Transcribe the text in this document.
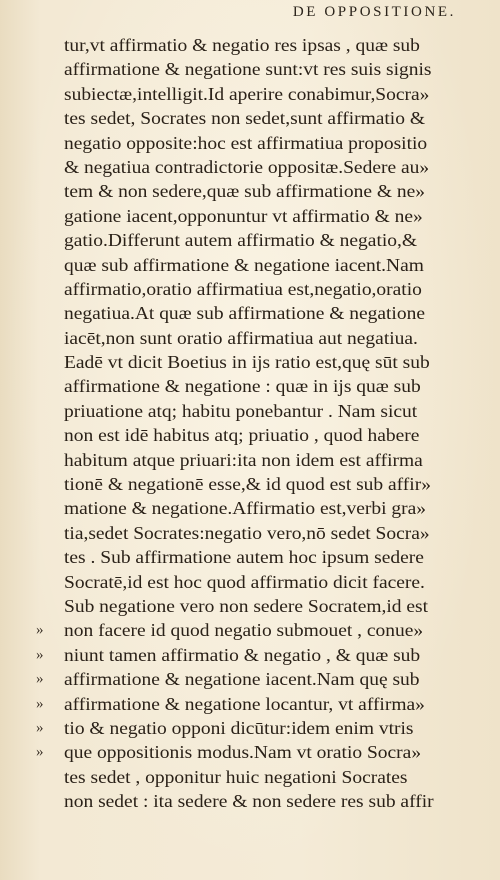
DE OPPOSITIONE.
tur,vt affirmatio & negatio res ipsas , quæ sub
affirmatione & negatione sunt:vt res suis signis
subiectæ,intelligit.Id aperire conabimur,Socra»
tes sedet, Socrates non sedet,sunt affirmatio &
negatio opposite:hoc est affirmatiua propositio
& negatiua contradictorie oppositæ.Sedere au»
tem & non sedere,quæ sub affirmatione & ne»
gatione iacent,opponuntur vt affirmatio & ne»
gatio.Differunt autem affirmatio & negatio,&
quæ sub affirmatione & negatione iacent.Nam
affirmatio,oratio affirmatiua est,negatio,oratio
negatiua.At quæ sub affirmatione & negatione
iacēt,non sunt oratio affirmatiua aut negatiua.
Eadē vt dicit Boetius in ijs ratio est,quę sūt sub
affirmatione & negatione : quæ in ijs quæ sub
priuatione atq; habitu ponebantur . Nam sicut
non est idē habitus atq; priuatio , quod habere
habitum atque priuari:ita non idem est affirma
tionē & negationē esse,& id quod est sub affir»
matione & negatione.Affirmatio est,verbi gra»
tia,sedet Socrates:negatio vero,nō sedet Socra»
tes . Sub affirmatione autem hoc ipsum sedere
Socratē,id est hoc quod affirmatio dicit facere.
Sub negatione vero non sedere Socratem,id est
» non facere id quod negatio submouet , conue»
» niunt tamen affirmatio & negatio , & quæ sub
» affirmatione & negatione iacent.Nam quę sub
» affirmatione & negatione locantur, vt affirma»
» tio & negatio opponi dicūtur:idem enim vtris
» que oppositionis modus.Nam vt oratio Socra»
tes sedet , opponitur huic negationi Socrates
non sedet : ita sedere & non sedere res sub affir
